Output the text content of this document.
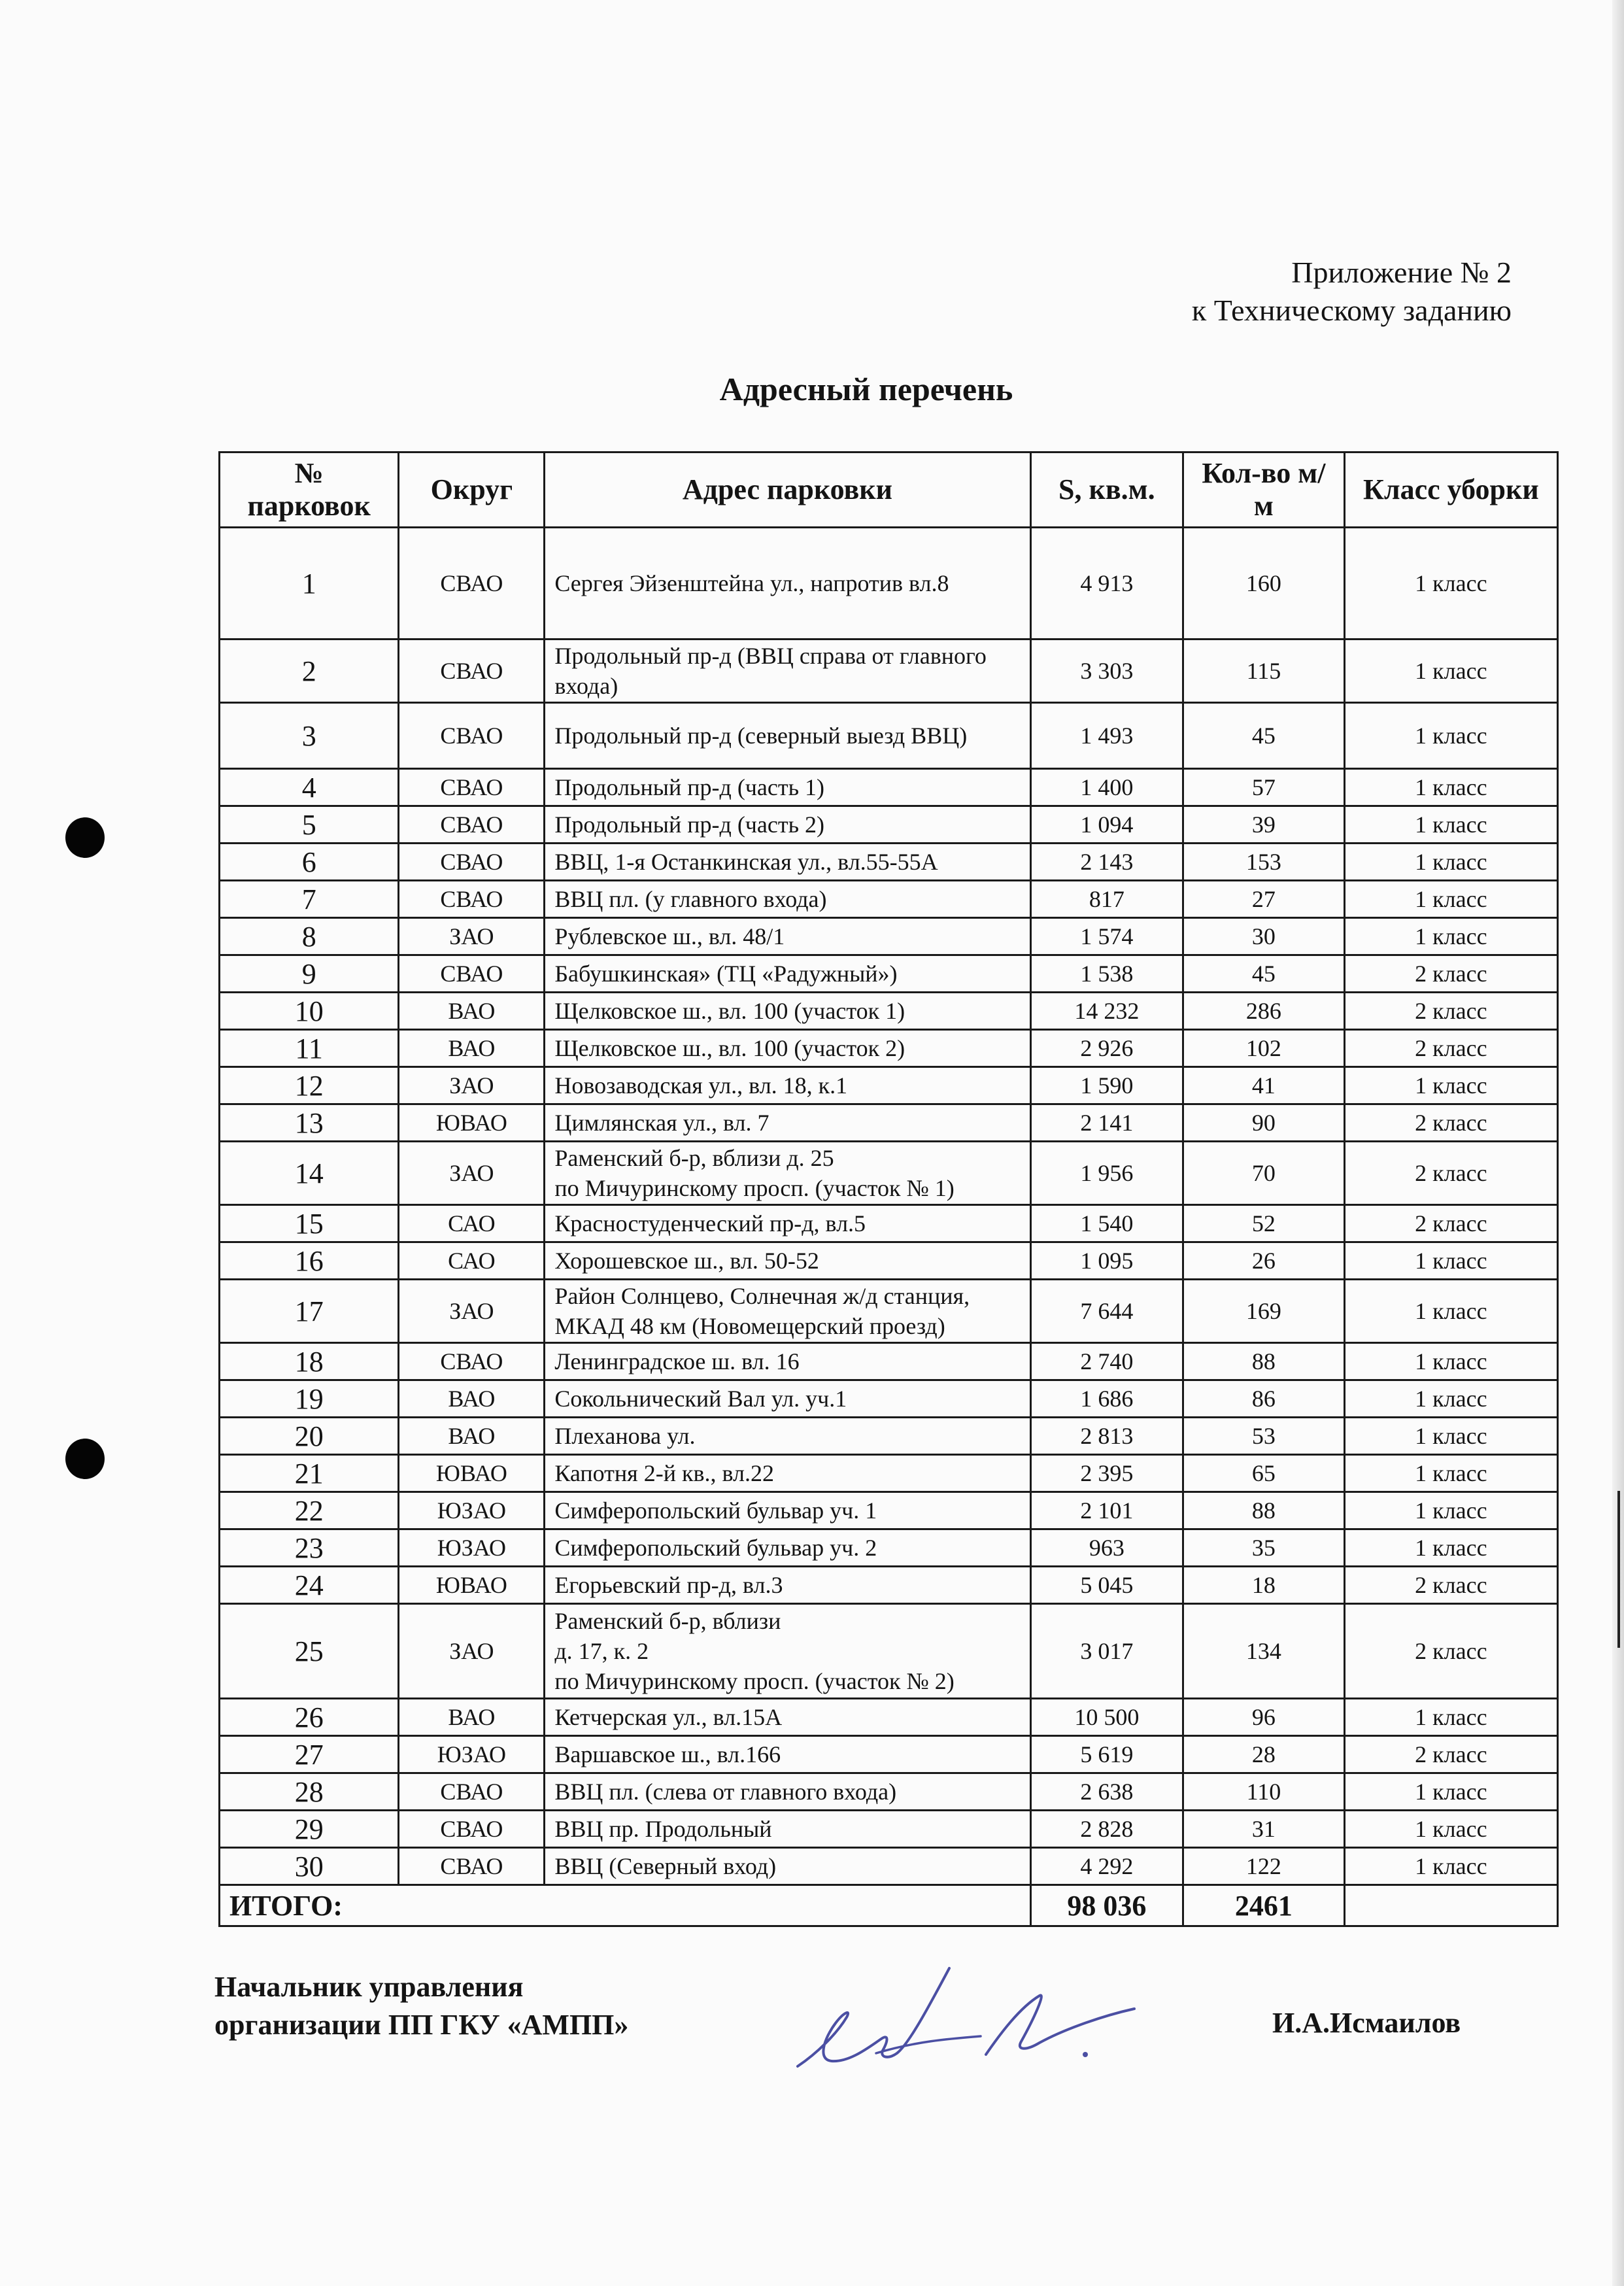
Приложение № 2
к Техническому заданию
Адресный перечень
№ парковок	Округ	Адрес парковки	S, кв.м.	Кол-во м/м	Класс уборки
1	СВАО	Сергея Эйзенштейна ул., напротив вл.8	4 913	160	1 класс
2	СВАО	Продольный пр-д (ВВЦ справа от главного входа)	3 303	115	1 класс
3	СВАО	Продольный пр-д (северный выезд ВВЦ)	1 493	45	1 класс
4	СВАО	Продольный пр-д (часть 1)	1 400	57	1 класс
5	СВАО	Продольный пр-д (часть 2)	1 094	39	1 класс
6	СВАО	ВВЦ, 1-я Останкинская ул., вл.55-55А	2 143	153	1 класс
7	СВАО	ВВЦ пл. (у главного входа)	817	27	1 класс
8	ЗАО	Рублевское ш., вл. 48/1	1 574	30	1 класс
9	СВАО	Бабушкинская» (ТЦ «Радужный»)	1 538	45	2 класс
10	ВАО	Щелковское ш., вл. 100 (участок 1)	14 232	286	2 класс
11	ВАО	Щелковское ш., вл. 100 (участок 2)	2 926	102	2 класс
12	ЗАО	Новозаводская ул., вл. 18, к.1	1 590	41	1 класс
13	ЮВАО	Цимлянская ул., вл. 7	2 141	90	2 класс
14	ЗАО	Раменский б-р, вблизи д. 25
по Мичуринскому просп. (участок № 1)	1 956	70	2 класс
15	САО	Красностуденческий пр-д, вл.5	1 540	52	2 класс
16	САО	Хорошевское ш., вл. 50-52	1 095	26	1 класс
17	ЗАО	Район Солнцево, Солнечная ж/д станция,
МКАД 48 км (Новомещерский проезд)	7 644	169	1 класс
18	СВАО	Ленинградское ш. вл. 16	2 740	88	1 класс
19	ВАО	Сокольнический Вал ул. уч.1	1 686	86	1 класс
20	ВАО	Плеханова ул.	2 813	53	1 класс
21	ЮВАО	Капотня 2-й кв., вл.22	2 395	65	1 класс
22	ЮЗАО	Симферопольский бульвар уч. 1	2 101	88	1 класс
23	ЮЗАО	Симферопольский бульвар уч. 2	963	35	1 класс
24	ЮВАО	Егорьевский пр-д, вл.3	5 045	18	2 класс
25	ЗАО	Раменский б-р, вблизи
д. 17, к. 2
по Мичуринскому просп. (участок № 2)	3 017	134	2 класс
26	ВАО	Кетчерская ул., вл.15А	10 500	96	1 класс
27	ЮЗАО	Варшавское ш., вл.166	5 619	28	2 класс
28	СВАО	ВВЦ пл. (слева от главного входа)	2 638	110	1 класс
29	СВАО	ВВЦ пр. Продольный	2 828	31	1 класс
30	СВАО	ВВЦ (Северный вход)	4 292	122	1 класс
ИТОГО:			98 036	2461	
Начальник управления
организации ПП ГКУ «АМПП»	И.А.Исмаилов
